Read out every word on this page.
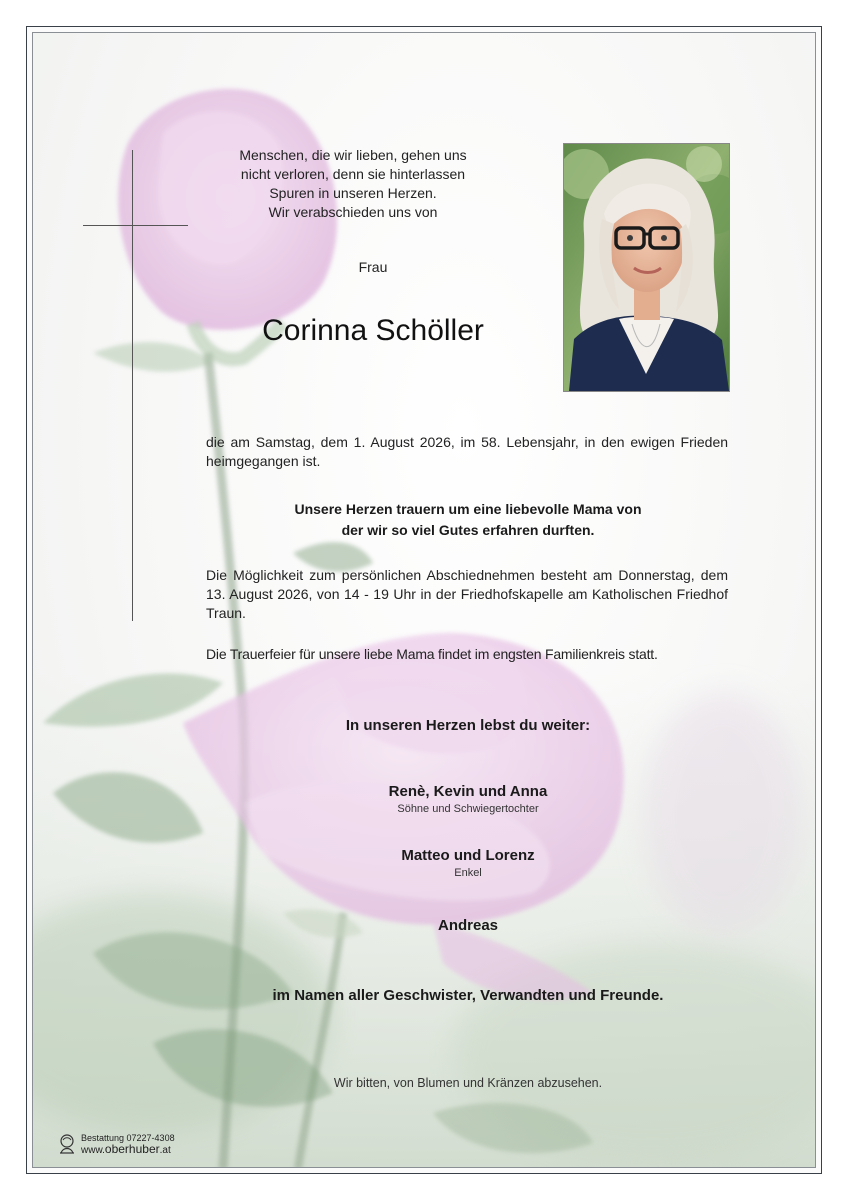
Menschen, die wir lieben, gehen uns
nicht verloren, denn sie hinterlassen
Spuren in unseren Herzen.
Wir verabschieden uns von
Frau
Corinna Schöller
die am Samstag, dem 1. August 2026, im 58. Lebensjahr, in den ewigen Frieden heimgegangen ist.
Unsere Herzen trauern um eine liebevolle Mama von
der wir so viel Gutes erfahren durften.
Die Möglichkeit zum persönlichen Abschiednehmen besteht am Donnerstag, dem 13. August 2026, von 14 - 19 Uhr in der Friedhofskapelle am Katholischen Friedhof Traun.
Die Trauerfeier für unsere liebe Mama findet im engsten Familienkreis statt.
In unseren Herzen lebst du weiter:
Renè, Kevin und Anna
Söhne und Schwiegertochter
Matteo und Lorenz
Enkel
Andreas
im Namen aller Geschwister, Verwandten und Freunde.
Wir bitten, von Blumen und Kränzen abzusehen.
Bestattung 07227-4308
www.oberhuber.at
